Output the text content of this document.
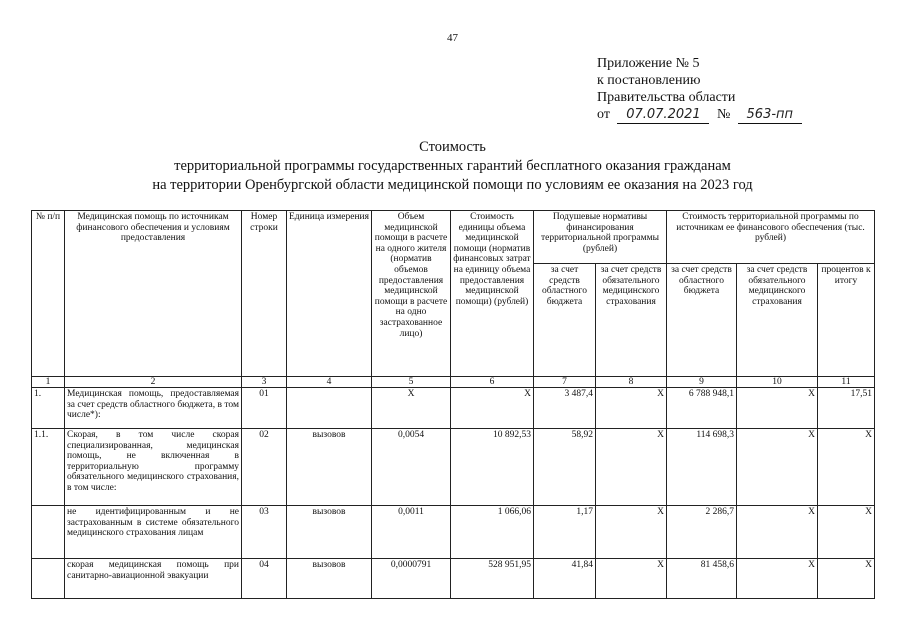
47
Приложение № 5
к постановлению
Правительства области
от 07.07.2021 № 563-пп
Стоимость
территориальной программы государственных гарантий бесплатного оказания гражданам
на территории Оренбургской области медицинской помощи по условиям ее оказания на 2023 год
№ п/п	Медицинская помощь по источникам финансового обеспечения и условиям предоставления	Номер строки	Единица измерения	Объем медицинской помощи в расчете на одного жителя (норматив объемов предоставления медицинской помощи в расчете на одно застрахованное лицо)	Стоимость единицы объема медицинской помощи (норматив финансовых затрат на единицу объема предоставления медицинской помощи) (рублей)	Подушевые нормативы финансирования территориальной программы (рублей)		Стоимость территориальной программы по источникам ее финансового обеспечения (тыс. рублей)		
						за счет средств областного бюджета	за счет средств обязательного медицинского страхования	за счет средств областного бюджета	за счет средств обязательного медицинского страхования	процентов к итогу
1	2	3	4	5	6	7	8	9	10	11
1.	Медицинская помощь, предоставляемая за счет средств областного бюджета, в том числе*):	01		X	X	3 487,4	X	6 788 948,1	X	17,51
1.1.	Скорая, в том числе скорая специализированная, медицинская помощь, не включенная в территориальную программу обязательного медицинского страхования, в том числе:	02	вызовов	0,0054	10 892,53	58,92	X	114 698,3	X	X
	не идентифицированным и не застрахованным в системе обязательного медицинского страхования лицам	03	вызовов	0,0011	1 066,06	1,17	X	2 286,7	X	X
	скорая медицинская помощь при санитарно-авиационной эвакуации	04	вызовов	0,0000791	528 951,95	41,84	X	81 458,6	X	X
